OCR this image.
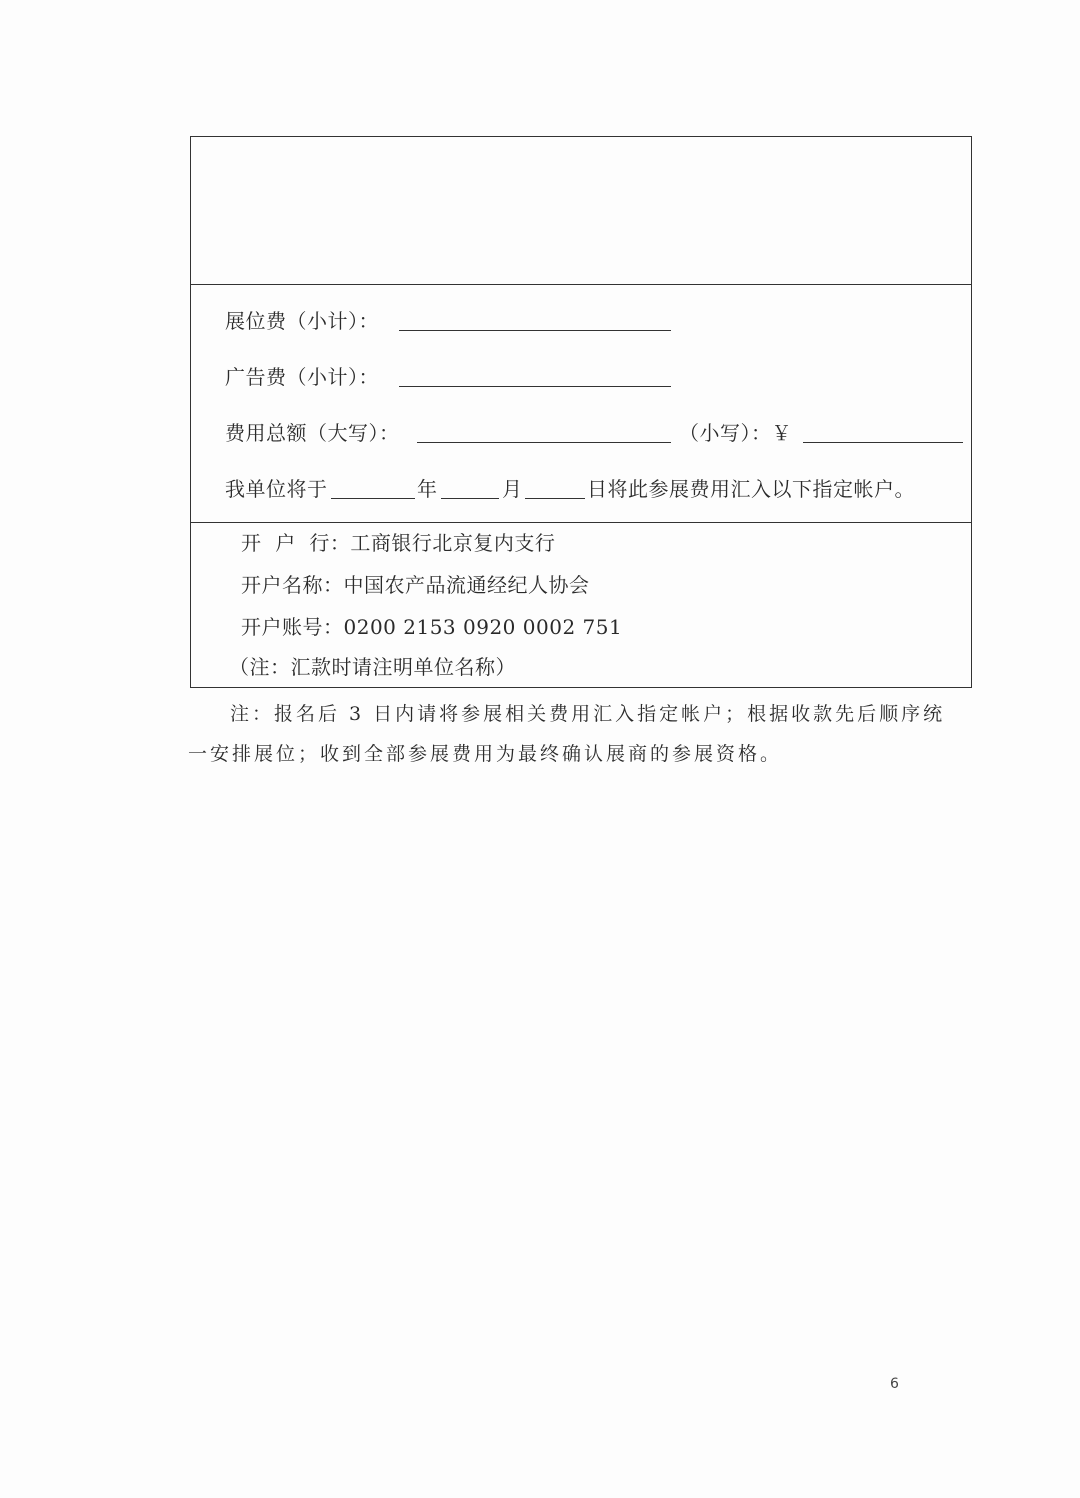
展位费（小计）：
广告费（小计）：
费用总额（大写）：	（小写）：￥
我单位将于	年	月	日将此参展费用汇入以下指定帐户。
开  户  行：工商银行北京复内支行
开户名称：中国农产品流通经纪人协会
开户账号：0200 2153 0920 0002 751
（注：汇款时请注明单位名称）
注：报名后 3 日内请将参展相关费用汇入指定帐户；根据收款先后顺序统
一安排展位；收到全部参展费用为最终确认展商的参展资格。
6
